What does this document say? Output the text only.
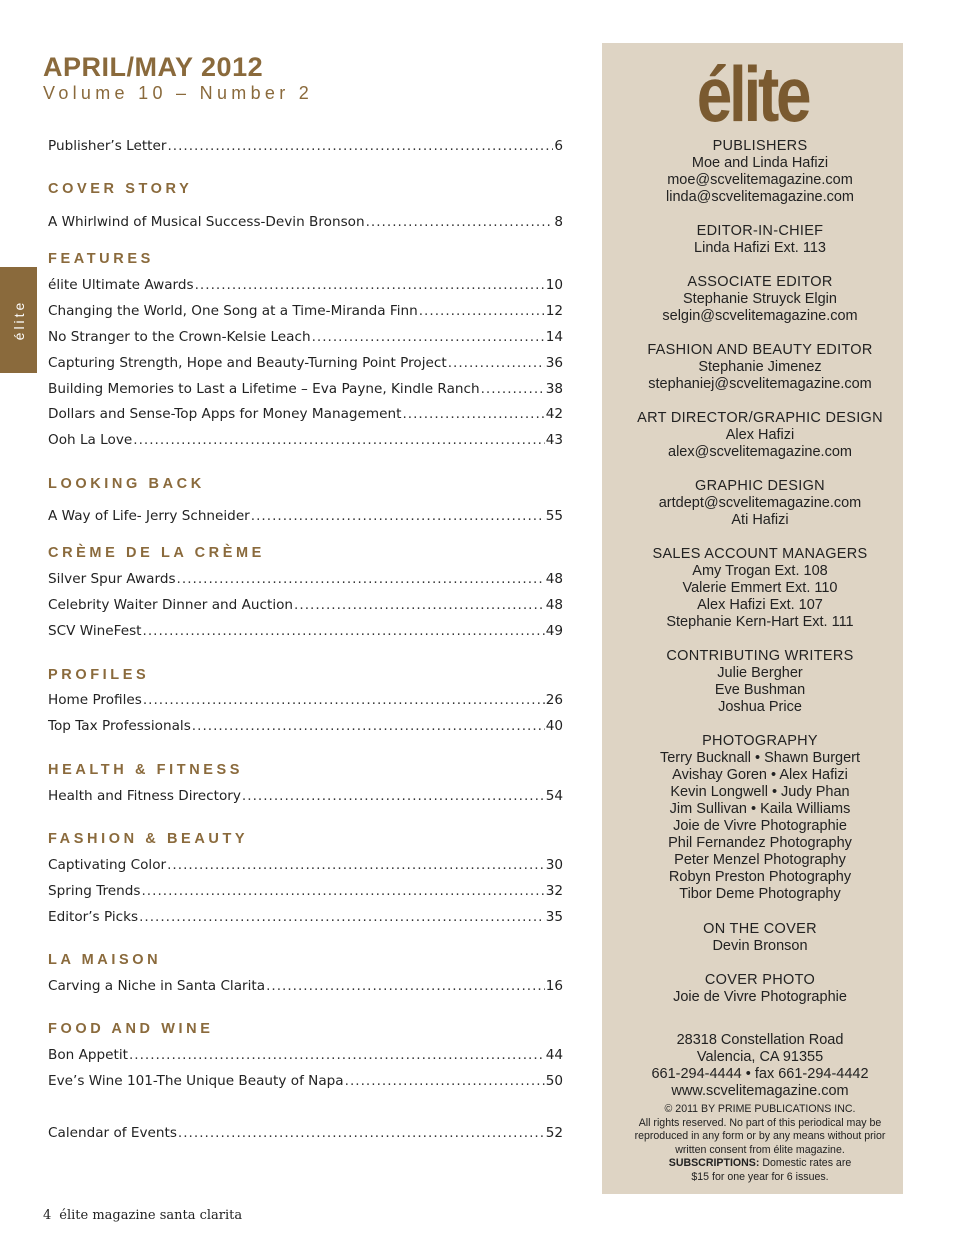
APRIL/MAY 2012
Volume 10 – Number 2
élite
Publisher’s Letter .....	6
COVER STORY
A Whirlwind of Musical Success-Devin Bronson .....	8
FEATURES
élite Ultimate Awards .....	10
Changing the World, One Song at a Time-Miranda Finn .....	12
No Stranger to the Crown-Kelsie Leach .....	14
Capturing Strength, Hope and Beauty-Turning Point Project .....	36
Building Memories to Last a Lifetime – Eva Payne, Kindle Ranch .....	38
Dollars and Sense-Top Apps for Money Management .....	42
Ooh La Love .....	43
LOOKING BACK
A Way of Life- Jerry Schneider .....	55
CRÈME DE LA CRÈME
Silver Spur Awards .....	48
Celebrity Waiter Dinner and Auction .....	48
SCV WineFest .....	49
PROFILES
Home Profiles .....	26
Top Tax Professionals .....	40
HEALTH & FITNESS
Health and Fitness Directory .....	54
FASHION & BEAUTY
Captivating Color .....	30
Spring Trends .....	32
Editor’s Picks .....	35
LA MAISON
Carving a Niche in Santa Clarita .....	16
FOOD AND WINE
Bon Appetit .....	44
Eve’s Wine 101-The Unique Beauty of Napa .....	50
Calendar of Events .....	52
élite
PUBLISHERS
Moe and Linda Hafizi
moe@scvelitemagazine.com
linda@scvelitemagazine.com
EDITOR-IN-CHIEF
Linda Hafizi Ext. 113
ASSOCIATE EDITOR
Stephanie Struyck Elgin
selgin@scvelitemagazine.com
FASHION AND BEAUTY EDITOR
Stephanie Jimenez
stephaniej@scvelitemagazine.com
ART DIRECTOR/GRAPHIC DESIGN
Alex Hafizi
alex@scvelitemagazine.com
GRAPHIC DESIGN
artdept@scvelitemagazine.com
Ati Hafizi
SALES ACCOUNT MANAGERS
Amy Trogan Ext. 108
Valerie Emmert Ext. 110
Alex Hafizi Ext. 107
Stephanie Kern-Hart Ext. 111
CONTRIBUTING WRITERS
Julie Bergher
Eve Bushman
Joshua Price
PHOTOGRAPHY
Terry Bucknall • Shawn Burgert
Avishay Goren • Alex Hafizi
Kevin Longwell • Judy Phan
Jim Sullivan • Kaila Williams
Joie de Vivre Photographie
Phil Fernandez Photography
Peter Menzel Photography
Robyn Preston Photography
Tibor Deme Photography
ON THE COVER
Devin Bronson
COVER PHOTO
Joie de Vivre Photographie
28318 Constellation Road
Valencia, CA 91355
661-294-4444 • fax 661-294-4442
www.scvelitemagazine.com
© 2011 BY PRIME PUBLICATIONS INC.
All rights reserved. No part of this periodical may be
reproduced in any form or by any means without prior
written consent from élite magazine.
SUBSCRIPTIONS: Domestic rates are
$15 for one year for 6 issues.
4 élite magazine santa clarita
